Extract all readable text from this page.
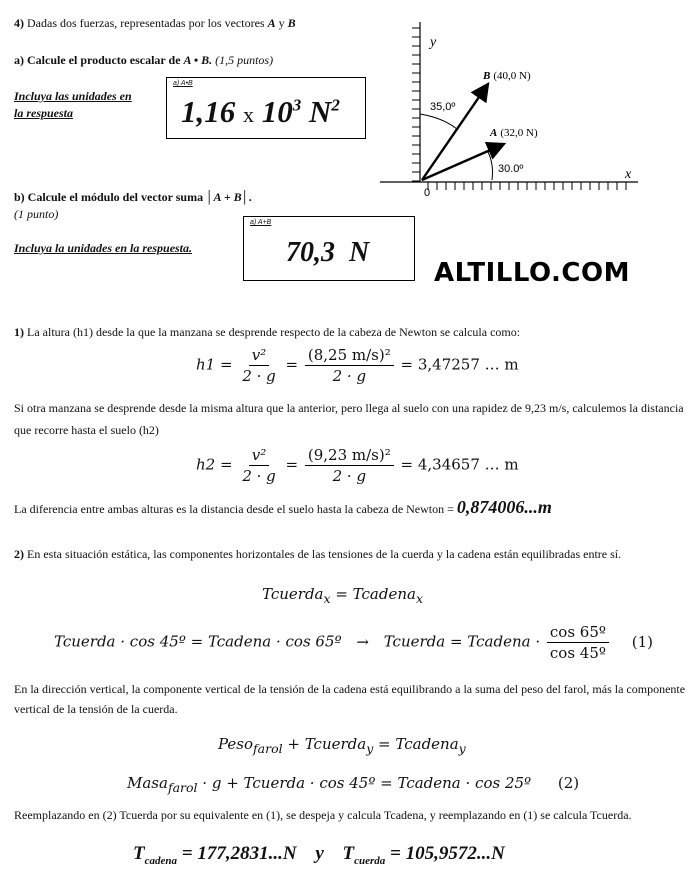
4) Dadas dos fuerzas, representadas por los vectores A y B
a) Calcule el producto escalar de A • B. (1,5 puntos)
Incluya las unidades en
la respuesta
a) A•B
1,16 x $10^3$ $N^2$
b) Calcule el módulo del vector suma │A + B│.
(1 punto)
Incluya la unidades en la respuesta.
a) A+B
70,3  N
y
x
0
B (40,0 N)
A (32,0 N)
35,0º
30.0º
ALTILLO.COM
1) La altura (h1) desde la que la manzana se desprende respecto de la cabeza de Newton se calcula como:
$h1 = \frac{\text{v²}}{2 \cdot g} = \frac{\text{(8,25 m/s)²}}{2 \cdot g} = 3,47257$ … m
Si otra manzana se desprende desde la misma altura que la anterior, pero llega al suelo con una rapidez de 9,23 m/s, calculemos la distancia que recorre hasta el suelo (h2)
$h2 = \frac{\text{v²}}{2 \cdot g} = \frac{\text{(9,23 m/s)²}}{2 \cdot g} = 4,34657$ … m
La diferencia entre ambas alturas es la distancia desde el suelo hasta la cabeza de Newton = 0,874006...m
2) En esta situación estática, las componentes horizontales de las tensiones de la cuerda y la cadena están equilibradas entre sí.
Tcuerda$_x$ = Tcadena$_x$
Tcuerda · cos 45º = Tcadena · cos 65º → Tcuerda = Tcadena · $\frac{\text{cos 65º}}{\text{cos 45º}} (1)$
En la dirección vertical, la componente vertical de la tensión de la cadena está equilibrando a la suma del peso del farol, más la componente vertical de la tensión de la cuerda.
Peso$_{farol}$ + Tcuerda$_y$ = Tcadena$_y$
Masa$_{farol}$ · g + Tcuerda · cos 45º = Tcadena · cos 25º (2)
Reemplazando en (2) Tcuerda por su equivalente en (1), se despeja y calcula Tcadena, y reemplazando en (1) se calcula Tcuerda.
$T_{cadena} = 177,2831...N$ y $T_{cuerda} = 105,9572...N$
